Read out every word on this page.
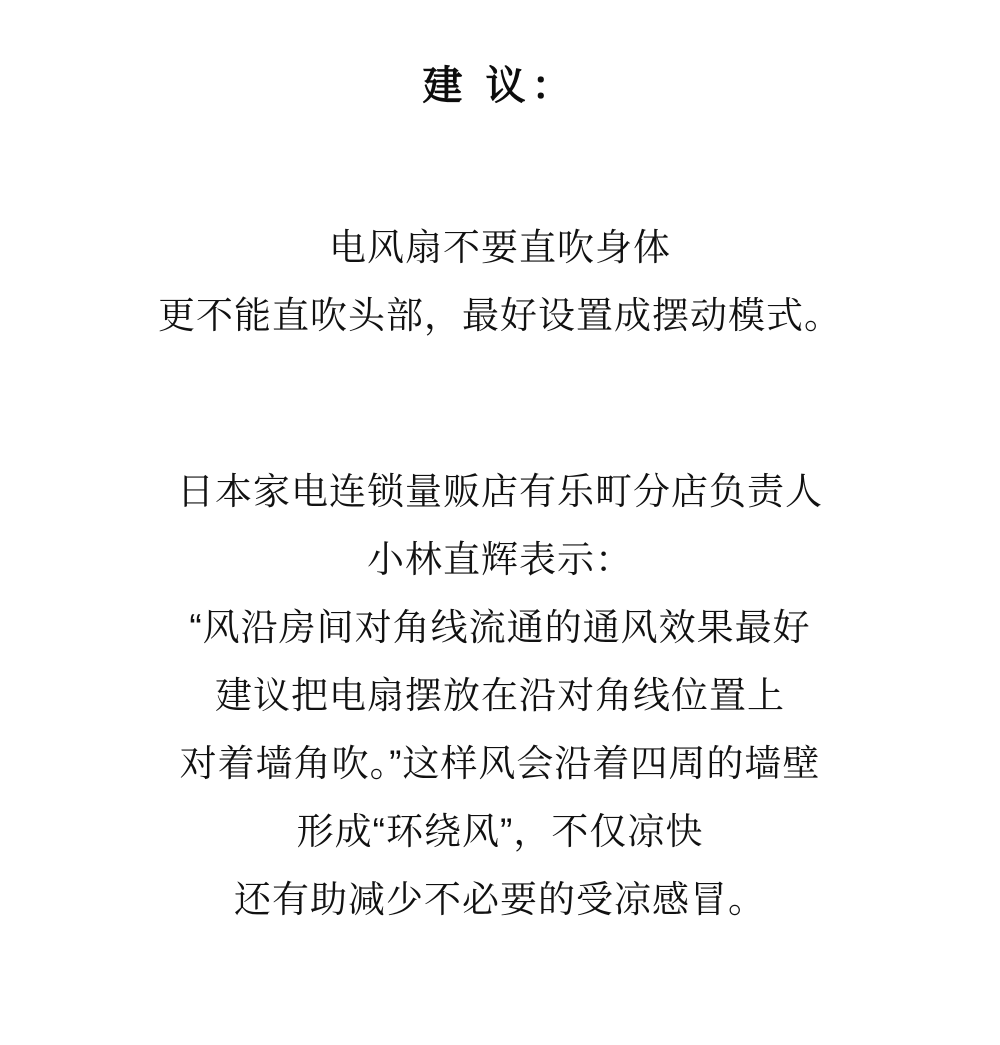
建 议：
电风扇不要直吹身体
更不能直吹头部，最好设置成摆动模式。
日本家电连锁量贩店有乐町分店负责人
小林直辉表示：
“风沿房间对角线流通的通风效果最好
建议把电扇摆放在沿对角线位置上
对着墙角吹。”这样风会沿着四周的墙壁
形成“环绕风”，不仅凉快
还有助减少不必要的受凉感冒。
